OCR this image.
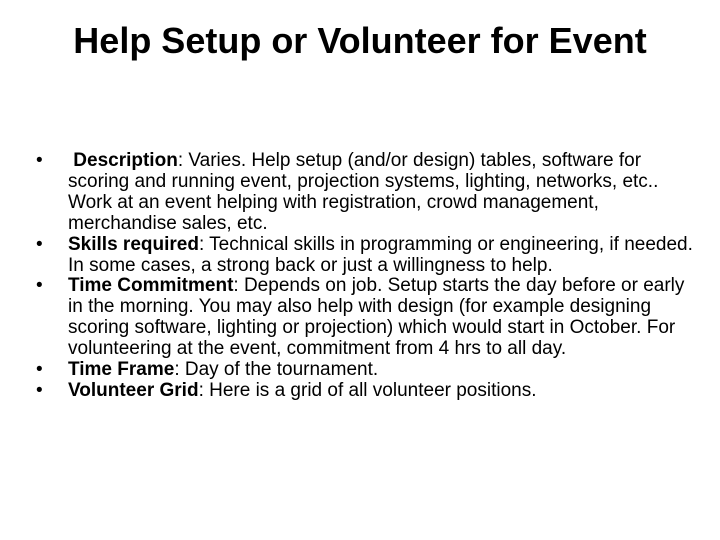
Help Setup or Volunteer for Event
•	Description: Varies. Help setup (and/or design) tables, software for scoring and running event, projection systems, lighting, networks, etc.. Work at an event helping with registration, crowd management, merchandise sales, etc.
•	Skills required: Technical skills in programming or engineering, if needed. In some cases, a strong back or just a willingness to help.
•	Time Commitment: Depends on job. Setup starts the day before or early in the morning. You may also help with design (for example designing scoring software, lighting or projection) which would start in October. For volunteering at the event, commitment from 4 hrs to all day.
•	Time Frame: Day of the tournament.
•	Volunteer Grid: Here is a grid of all volunteer positions.
